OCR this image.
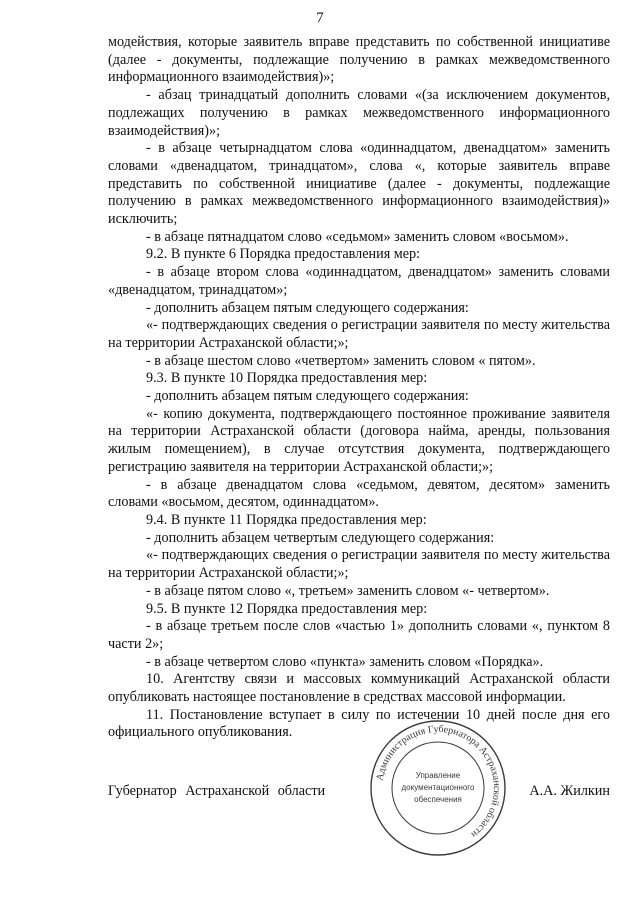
7

модействия, которые заявитель вправе представить по собственной инициативе (далее - документы, подлежащие получению в рамках межведомственного информационного взаимодействия)»;

- абзац тринадцатый дополнить словами «(за исключением документов, подлежащих получению в рамках межведомственного информационного взаимодействия)»;

- в абзаце четырнадцатом слова «одиннадцатом, двенадцатом» заменить словами «двенадцатом, тринадцатом», слова «, которые заявитель вправе представить по собственной инициативе (далее - документы, подлежащие получению в рамках межведомственного информационного взаимодействия)» исключить;

- в абзаце пятнадцатом слово «седьмом» заменить словом «восьмом».

9.2. В пункте 6 Порядка предоставления мер:

- в абзаце втором слова «одиннадцатом, двенадцатом» заменить словами «двенадцатом, тринадцатом»;

- дополнить абзацем пятым следующего содержания:

«- подтверждающих сведения о регистрации заявителя по месту жительства на территории Астраханской области;»;

- в абзаце шестом слово «четвертом» заменить словом « пятом».

9.3. В пункте 10 Порядка предоставления мер:

- дополнить абзацем пятым следующего содержания:

«- копию документа, подтверждающего постоянное проживание заявителя на территории Астраханской области (договора найма, аренды, пользования жилым помещением), в случае отсутствия документа, подтверждающего регистрацию заявителя на территории Астраханской области;»;

- в абзаце двенадцатом слова «седьмом, девятом, десятом» заменить словами «восьмом, десятом, одиннадцатом».

9.4. В пункте 11 Порядка предоставления мер:

- дополнить абзацем четвертым следующего содержания:

«- подтверждающих сведения о регистрации заявителя по месту жительства на территории Астраханской области;»;

- в абзаце пятом слово «, третьем» заменить словом «- четвертом».

9.5. В пункте 12 Порядка предоставления мер:

- в абзаце третьем после слов «частью 1» дополнить словами «, пунктом 8 части 2»;

- в абзаце четвертом слово «пункта» заменить словом «Порядка».

10. Агентству связи и массовых коммуникаций Астраханской области опубликовать настоящее постановление в средствах массовой информации.

11. Постановление вступает в силу по истечении 10 дней после дня его официального опубликования.

Губернатор Астраханской области	А.А. Жилкин
Администрация Губернатора Астраханской области
Управление
документационного
обеспечения
